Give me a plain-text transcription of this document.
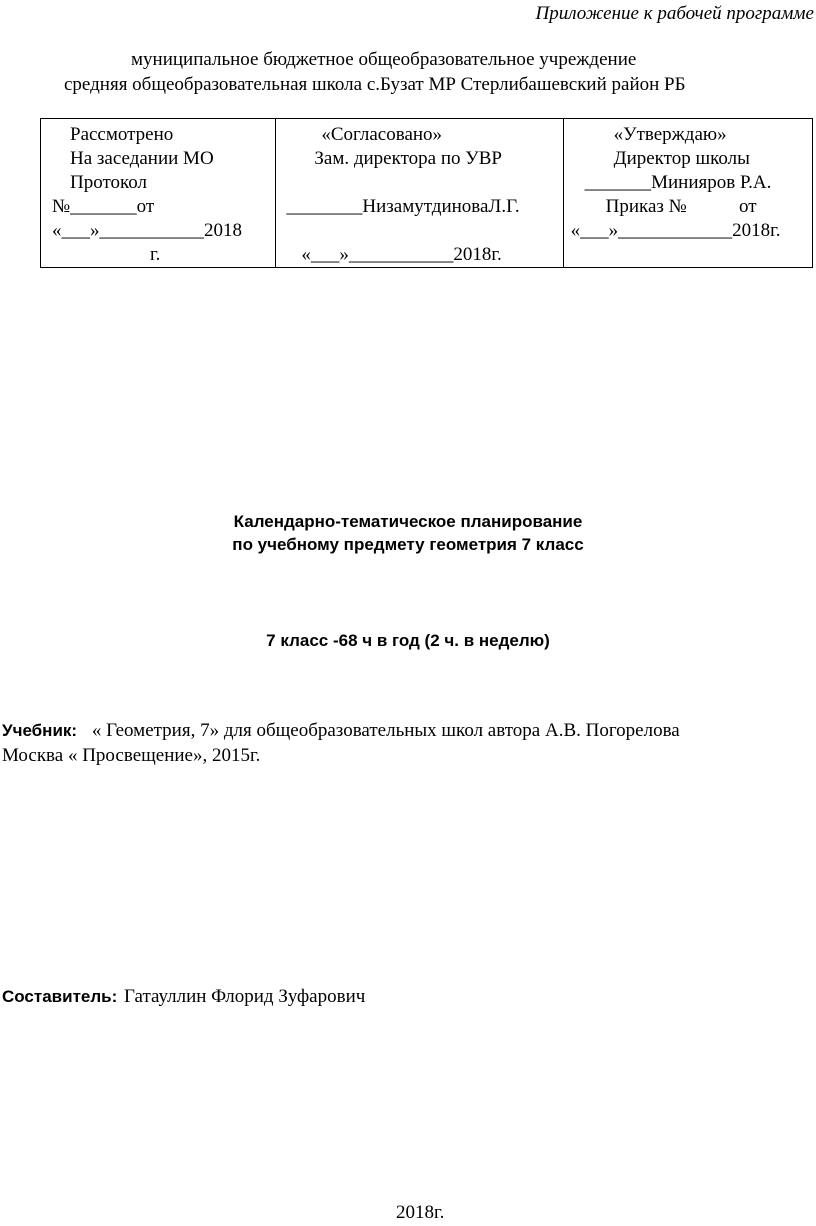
Приложение к рабочей программе
муниципальное бюджетное общеобразовательное учреждение
средняя общеобразовательная школа с.Бузат МР Стерлибашевский район РБ
Рассмотрено
На заседании МО
Протокол
№_______от
«___»___________2018
г.

«Согласовано»
Зам. директора по УВР
________НизамутдиноваЛ.Г.
«___»___________2018г.

«Утверждаю»
Директор школы
_______Минияров Р.А.
Приказ №           от
«___»____________2018г.
Календарно-тематическое планирование
по учебному предмету геометрия 7 класс
7 класс -68 ч в год (2 ч. в неделю)
Учебник: « Геометрия, 7» для общеобразовательных школ автора А.В. Погорелова
Москва « Просвещение», 2015г.
Составитель: Гатауллин Флорид Зуфарович
2018г.
